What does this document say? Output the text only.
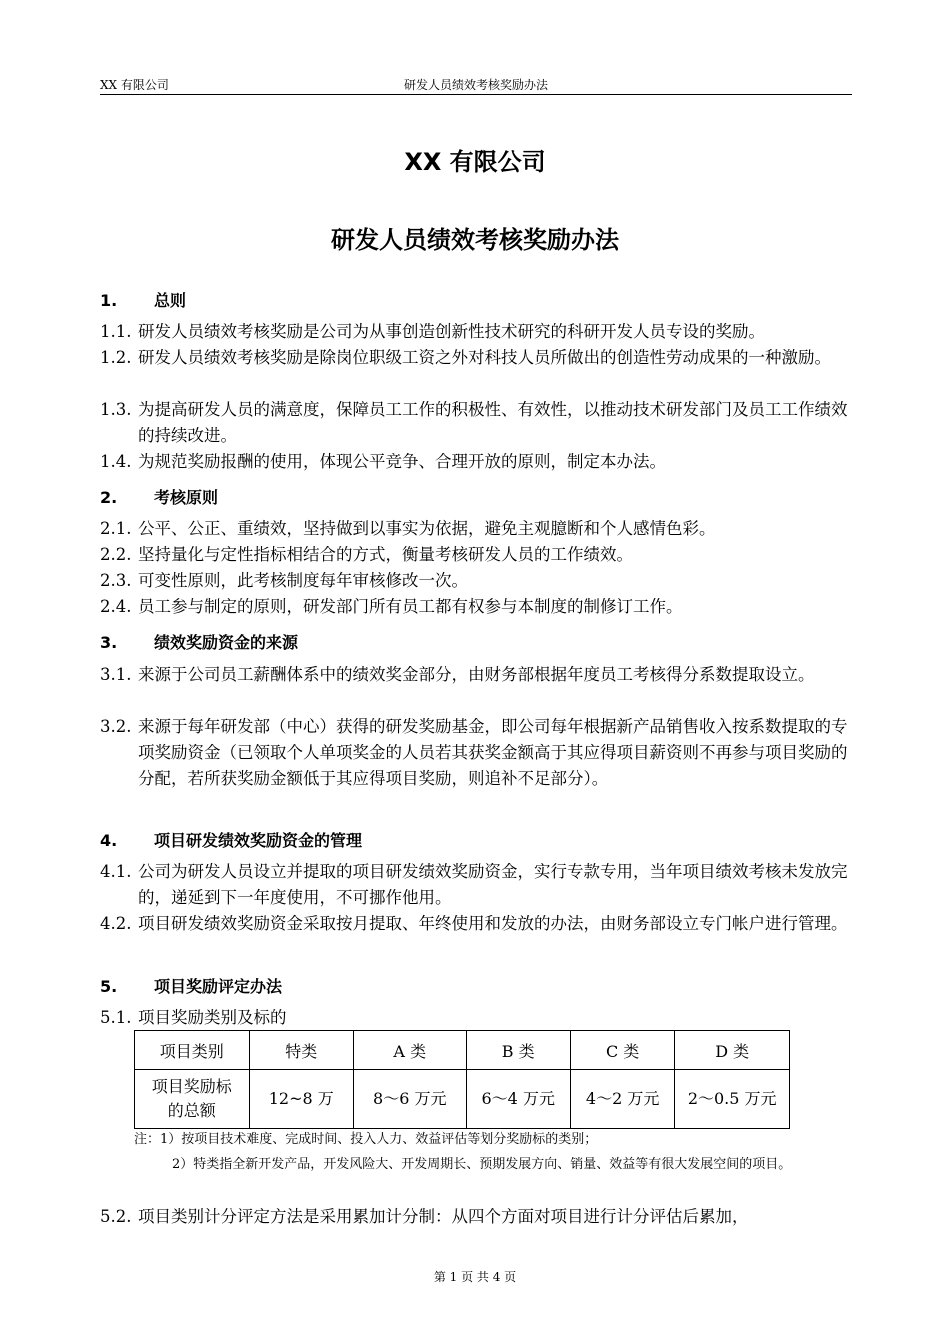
XX 有限公司	研发人员绩效考核奖励办法
XX 有限公司
研发人员绩效考核奖励办法
1. 总则
1.1. 研发人员绩效考核奖励是公司为从事创造创新性技术研究的科研开发人员专设的奖励。
1.2. 研发人员绩效考核奖励是除岗位职级工资之外对科技人员所做出的创造性劳动成果的一种激励。
1.3. 为提高研发人员的满意度，保障员工工作的积极性、有效性，以推动技术研发部门及员工工作绩效的持续改进。
1.4. 为规范奖励报酬的使用，体现公平竞争、合理开放的原则，制定本办法。
2. 考核原则
2.1. 公平、公正、重绩效，坚持做到以事实为依据，避免主观臆断和个人感情色彩。
2.2. 坚持量化与定性指标相结合的方式，衡量考核研发人员的工作绩效。
2.3. 可变性原则，此考核制度每年审核修改一次。
2.4. 员工参与制定的原则，研发部门所有员工都有权参与本制度的制修订工作。
3. 绩效奖励资金的来源
3.1. 来源于公司员工薪酬体系中的绩效奖金部分，由财务部根据年度员工考核得分系数提取设立。
3.2. 来源于每年研发部（中心）获得的研发奖励基金，即公司每年根据新产品销售收入按系数提取的专项奖励资金（已领取个人单项奖金的人员若其获奖金额高于其应得项目薪资则不再参与项目奖励的分配，若所获奖励金额低于其应得项目奖励，则追补不足部分）。
4. 项目研发绩效奖励资金的管理
4.1. 公司为研发人员设立并提取的项目研发绩效奖励资金，实行专款专用，当年项目绩效考核未发放完的，递延到下一年度使用，不可挪作他用。
4.2. 项目研发绩效奖励资金采取按月提取、年终使用和发放的办法，由财务部设立专门帐户进行管理。
5. 项目奖励评定办法
5.1. 项目奖励类别及标的
项目类别	特类	A 类	B 类	C 类	D 类

项目奖励标的总额	12~8 万	8～6 万元	6～4 万元	4～2 万元	2～0.5 万元
注：1）按项目技术难度、完成时间、投入人力、效益评估等划分奖励标的类别；
2）特类指全新开发产品，开发风险大、开发周期长、预期发展方向、销量、效益等有很大发展空间的项目。
5.2. 项目类别计分评定方法是采用累加计分制：从四个方面对项目进行计分评估后累加，
第 1 页 共 4 页
